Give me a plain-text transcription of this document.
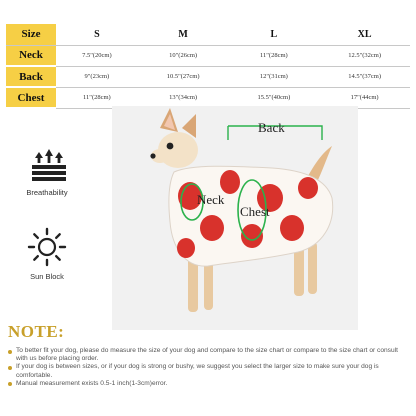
Size	S	M	L	XL
Neck	7.5"(20cm)	10"(26cm)	11"(28cm)	12.5"(32cm)
Back	9"(23cm)	10.5"(27cm)	12"(31cm)	14.5"(37cm)
Chest	11"(28cm)	13"(34cm)	15.5"(40cm)	17"(44cm)
Breathability
Sun Block
Back
Neck
Chest
NOTE:
To better fit your dog, please do measure the size of your dog and compare to the size chart or compare to the size chart or consult with us before placing order.
If your dog is between sizes, or if your dog is strong or bushy, we suggest you select the larger size to make sure your dog is comfortable.
Manual measurement exists 0.5-1 inch(1-3cm)error.
